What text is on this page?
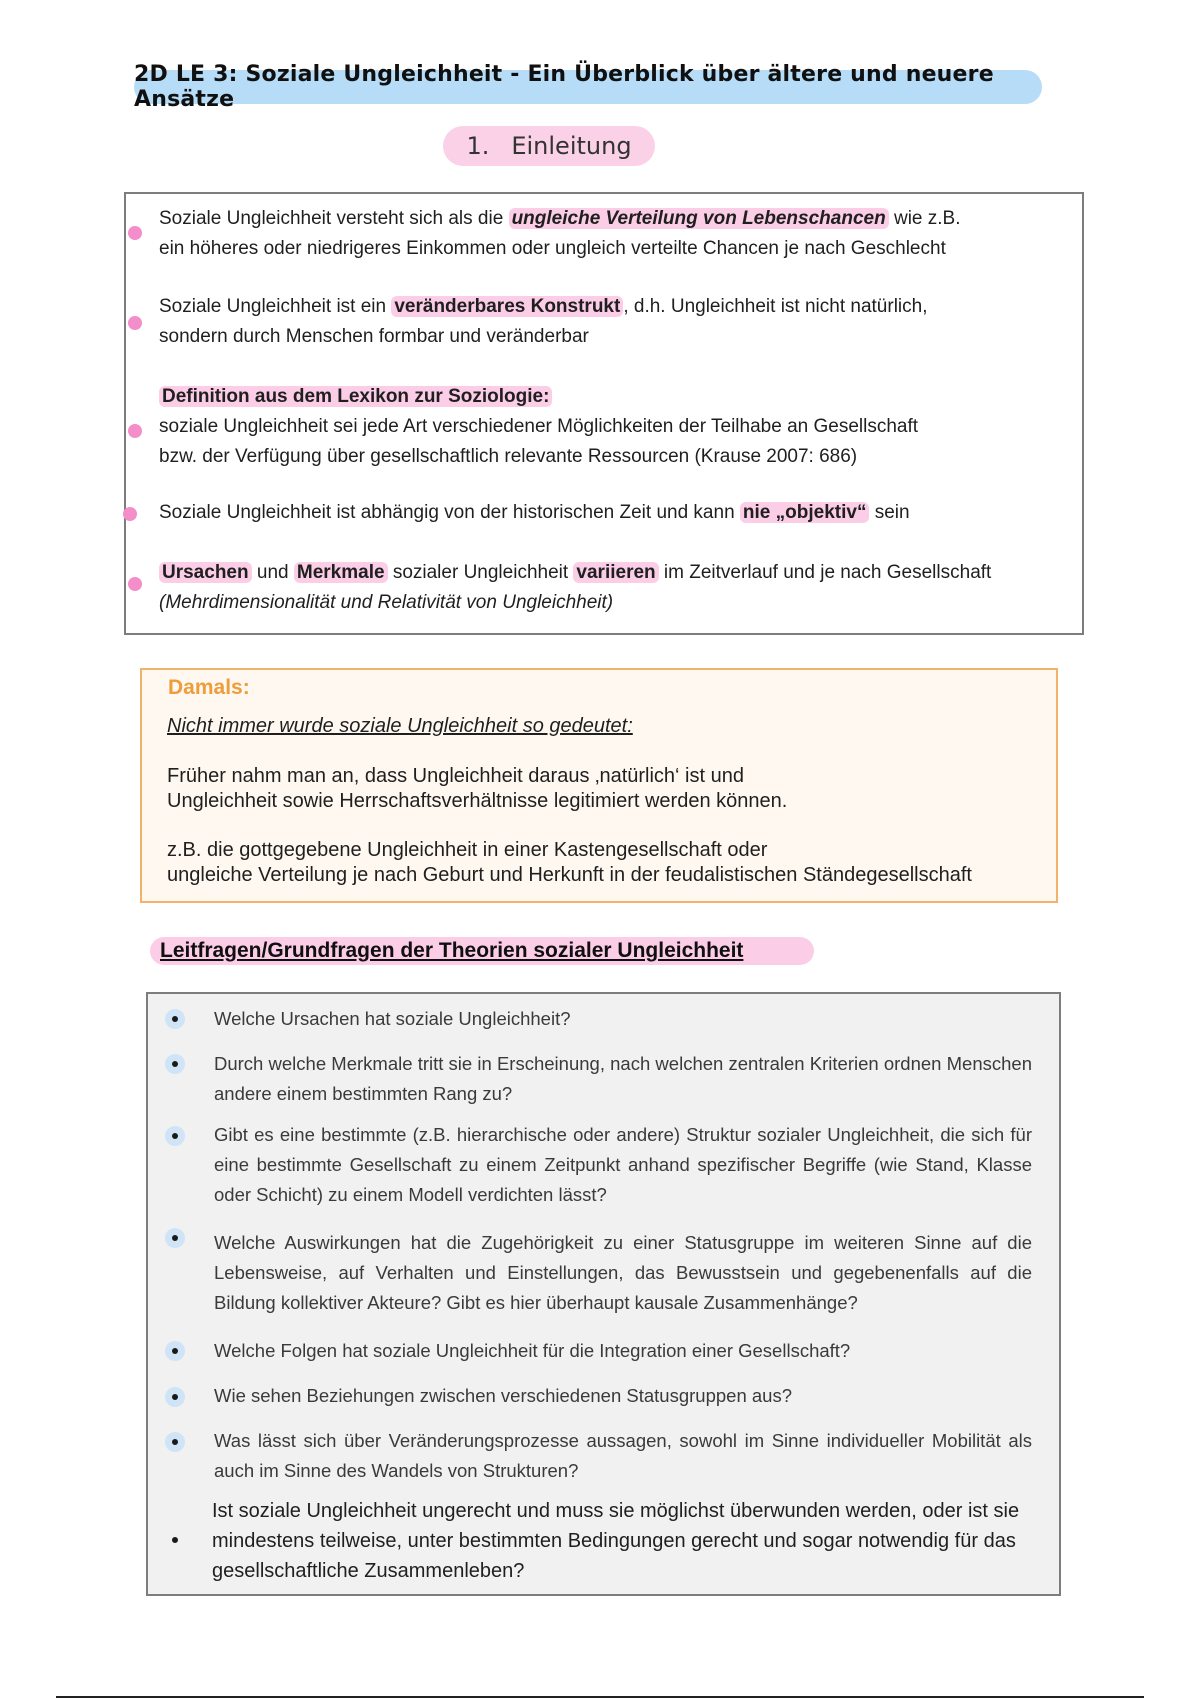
2D LE 3: Soziale Ungleichheit - Ein Überblick über ältere und neuere Ansätze
1. Einleitung
Soziale Ungleichheit versteht sich als die ungleiche Verteilung von Lebenschancen wie z.B.
ein höheres oder niedrigeres Einkommen oder ungleich verteilte Chancen je nach Geschlecht
Soziale Ungleichheit ist ein veränderbares Konstrukt , d.h. Ungleichheit ist nicht natürlich,
sondern durch Menschen formbar und veränderbar
Definition aus dem Lexikon zur Soziologie:
soziale Ungleichheit sei jede Art verschiedener Möglichkeiten der Teilhabe an Gesellschaft
bzw. der Verfügung über gesellschaftlich relevante Ressourcen (Krause 2007: 686)
Soziale Ungleichheit ist abhängig von der historischen Zeit und kann nie „objektiv“ sein
Ursachen und Merkmale sozialer Ungleichheit variieren im Zeitverlauf und je nach Gesellschaft
(Mehrdimensionalität und Relativität von Ungleichheit)
Damals:

Nicht immer wurde soziale Ungleichheit so gedeutet:

Früher nahm man an, dass Ungleichheit daraus ‚natürlich‘ ist und
Ungleichheit sowie Herrschaftsverhältnisse legitimiert werden können.

z.B. die gottgegebene Ungleichheit in einer Kastengesellschaft oder
ungleiche Verteilung je nach Geburt und Herkunft in der feudalistischen Ständegesellschaft

Leitfragen/Grundfragen der Theorien sozialer Ungleichheit
Welche Ursachen hat soziale Ungleichheit?
Durch welche Merkmale tritt sie in Erscheinung, nach welchen zentralen Kriterien ordnen Menschen andere einem bestimmten Rang zu?
Gibt es eine bestimmte (z.B. hierarchische oder andere) Struktur sozialer Ungleichheit, die sich für eine bestimmte Gesellschaft zu einem Zeitpunkt anhand spezifischer Begriffe (wie Stand, Klasse oder Schicht) zu einem Modell verdichten lässt?
Welche Auswirkungen hat die Zugehörigkeit zu einer Statusgruppe im weiteren Sinne auf die Lebensweise, auf Verhalten und Einstellungen, das Bewusstsein und gegebenenfalls auf die Bildung kollektiver Akteure? Gibt es hier überhaupt kausale Zusammenhänge?
Welche Folgen hat soziale Ungleichheit für die Integration einer Gesellschaft?
Wie sehen Beziehungen zwischen verschiedenen Statusgruppen aus?
Was lässt sich über Veränderungsprozesse aussagen, sowohl im Sinne individueller Mobilität als auch im Sinne des Wandels von Strukturen?
Ist soziale Ungleichheit ungerecht und muss sie möglichst überwunden werden, oder ist sie mindestens teilweise, unter bestimmten Bedingungen gerecht und sogar notwendig für das gesellschaftliche Zusammenleben?
